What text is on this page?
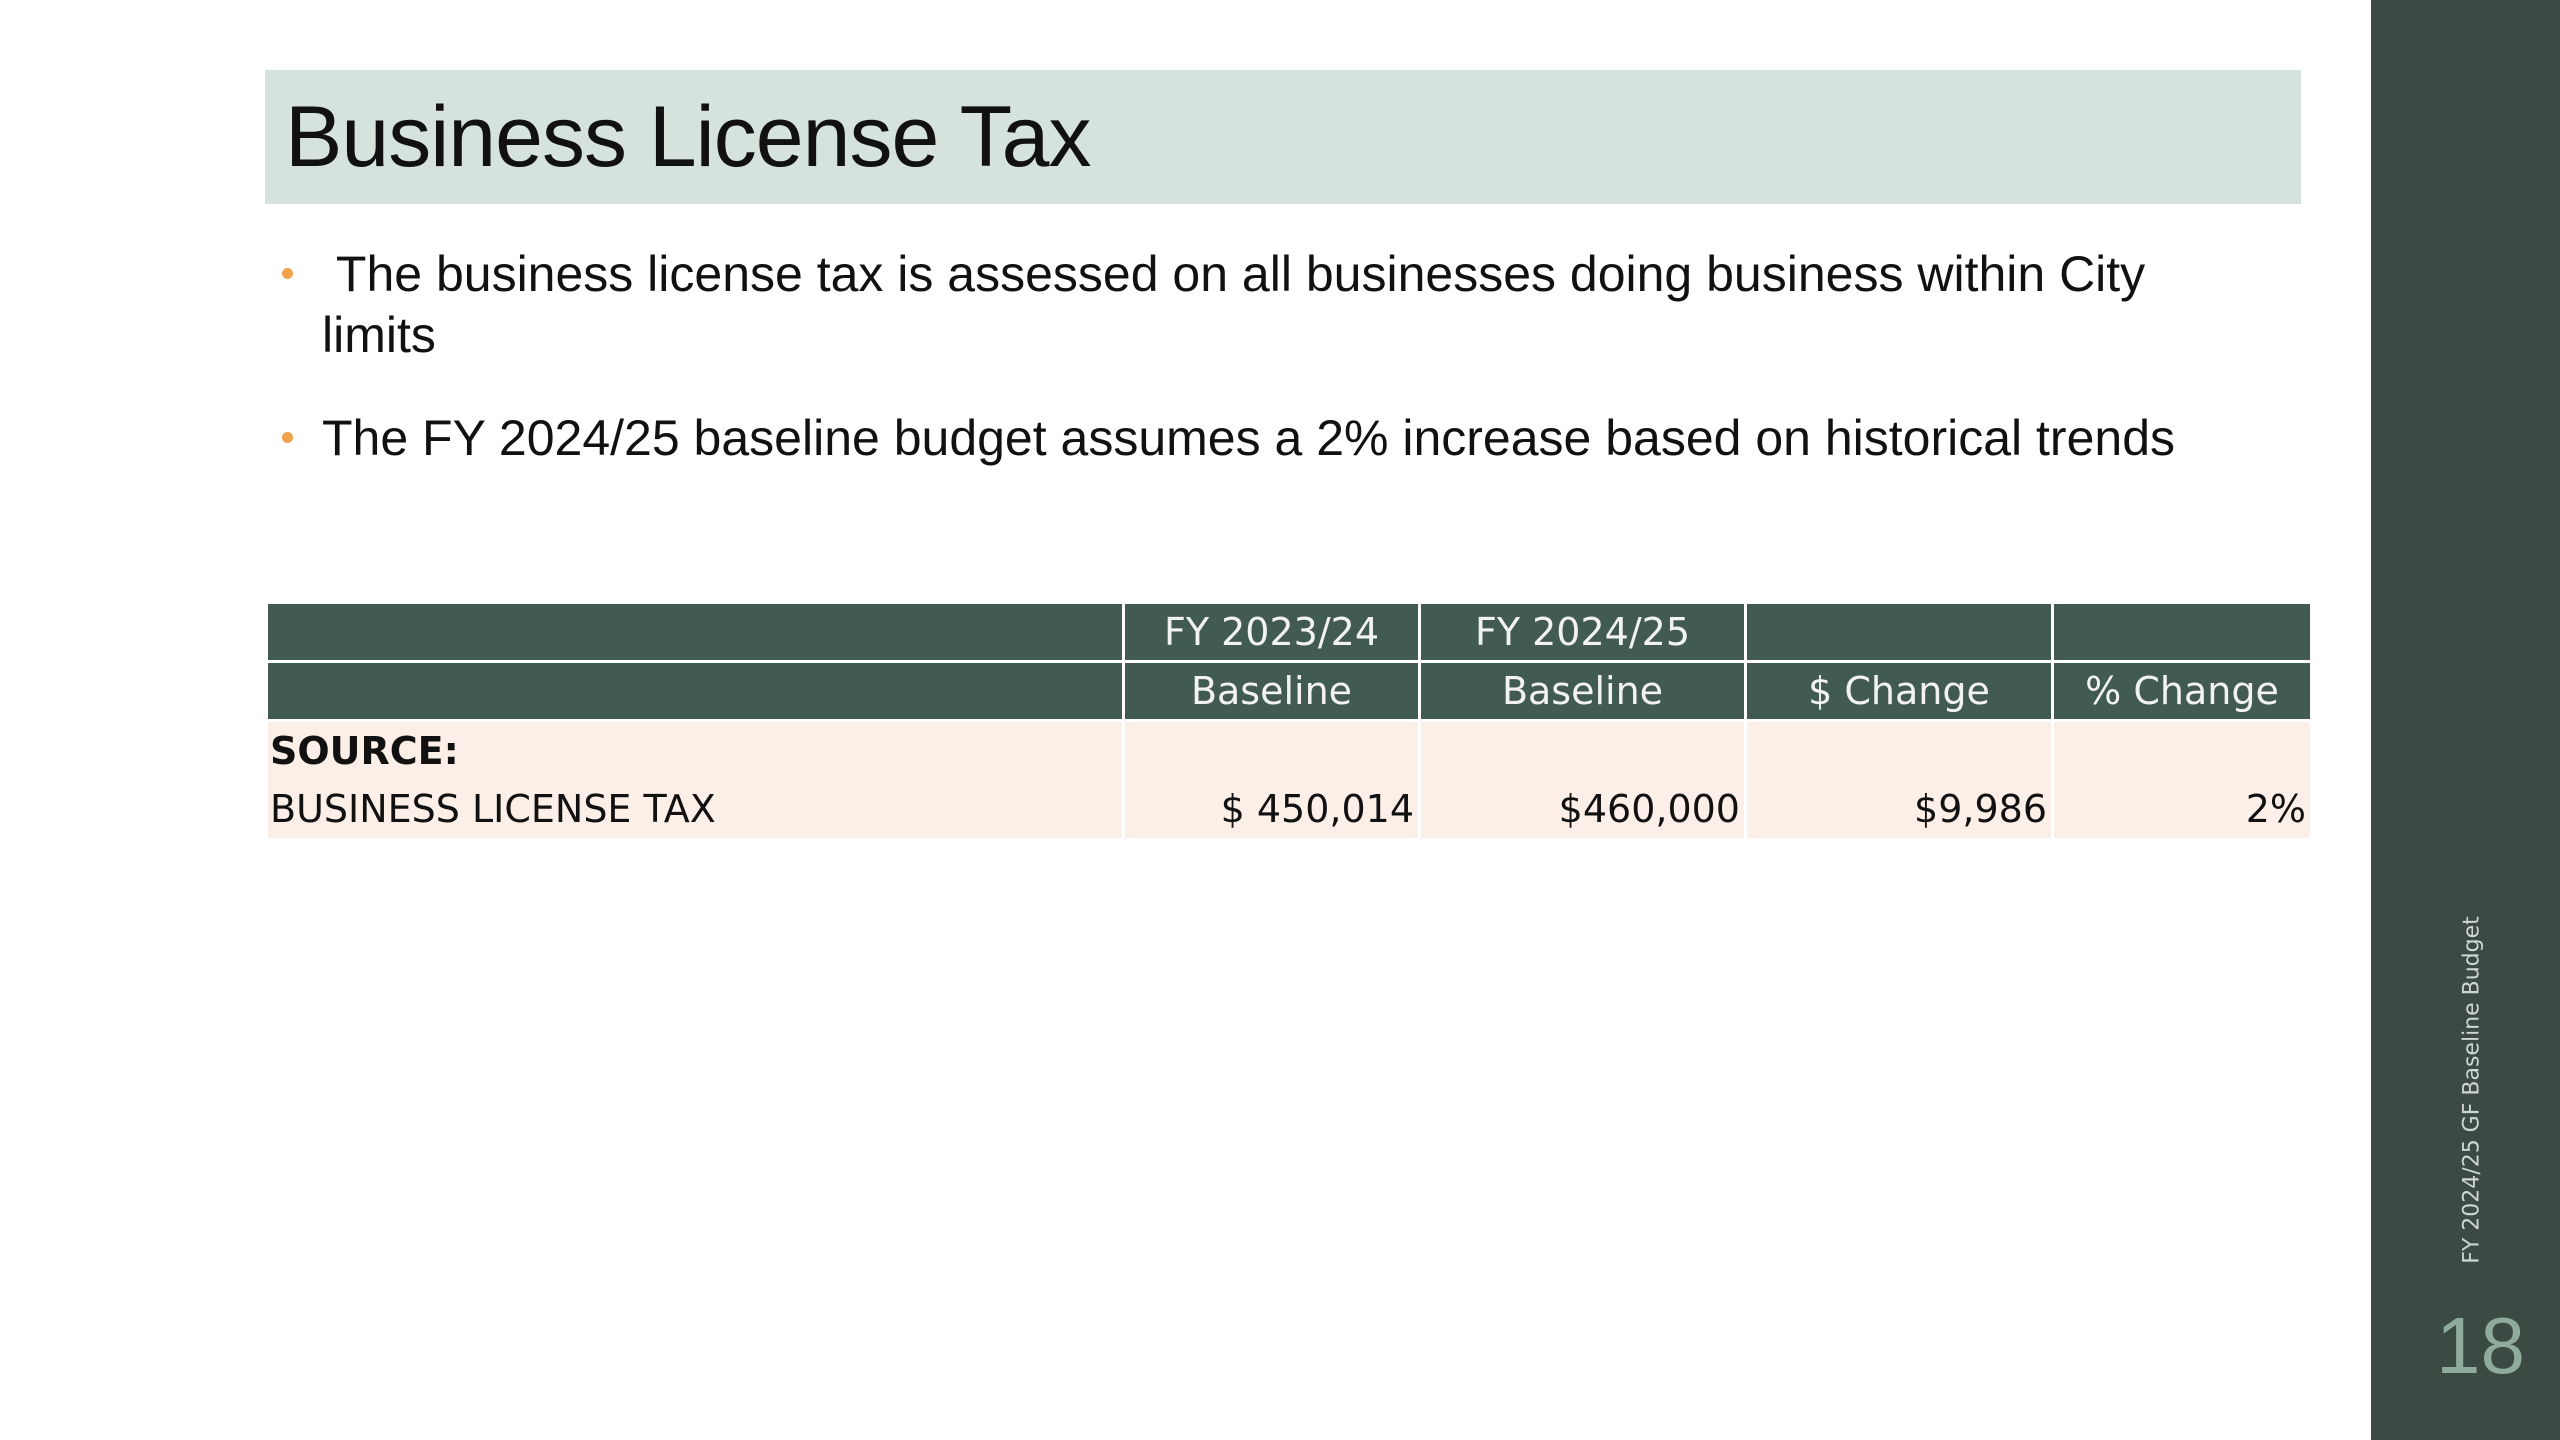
Business License Tax
The business license tax is assessed on all businesses doing business within City limits
The FY 2024/25 baseline budget assumes a 2% increase based on historical trends
	FY 2023/24	FY 2024/25		
	Baseline	Baseline	$ Change	% Change
SOURCE:				
BUSINESS LICENSE TAX	$ 450,014	$460,000	$9,986	2%
FY 2024/25 GF Baseline Budget
18
